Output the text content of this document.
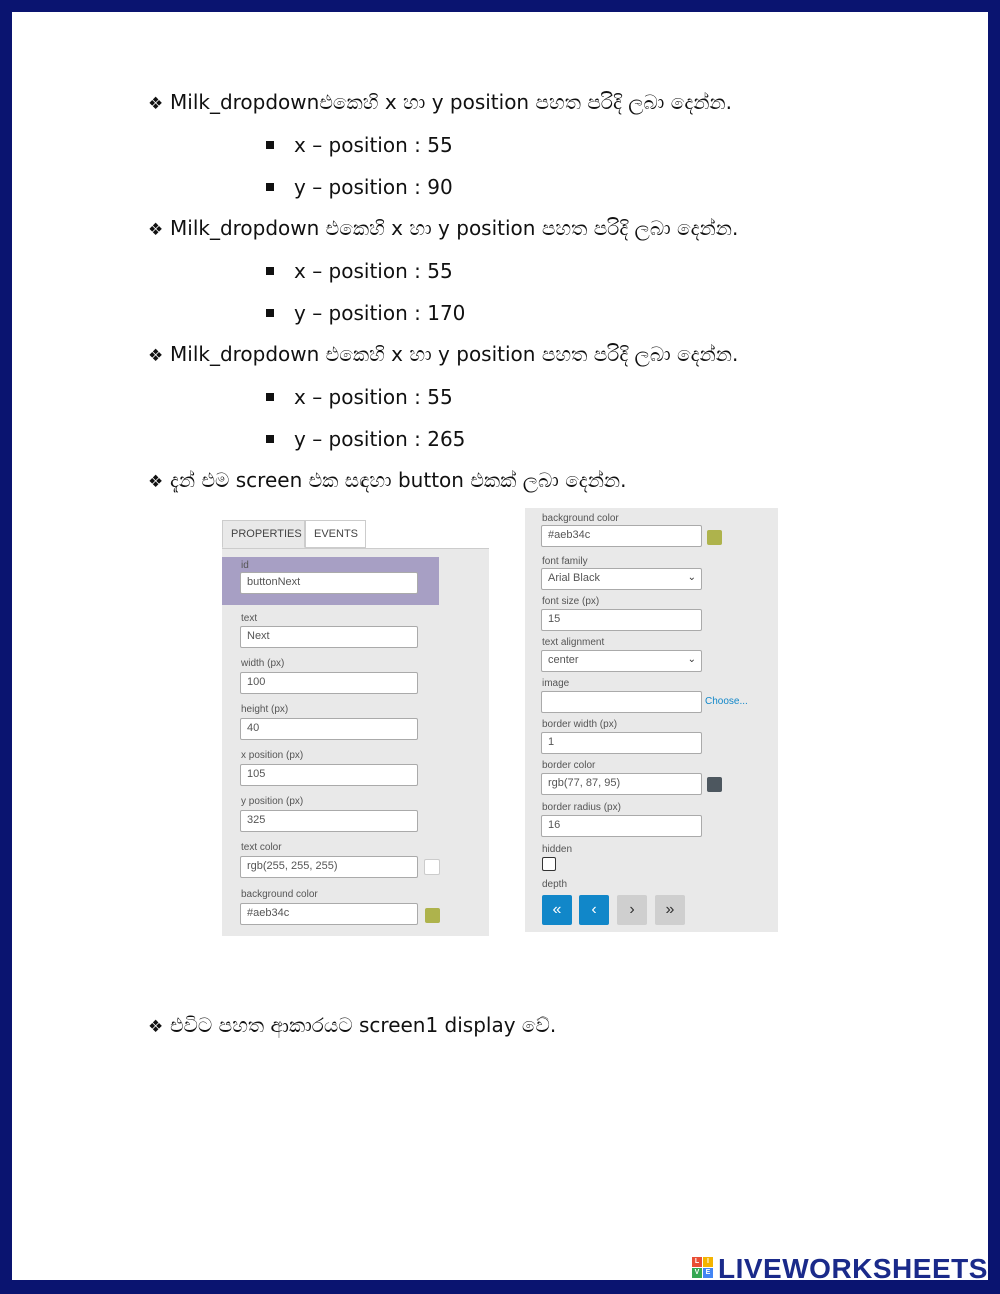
❖ Milk_dropdownඑකෙහි x හා y position පහත පරිදි ලබා දෙන්න.
x – position : 55
y – position : 90
❖ Milk_dropdown එකෙහි x හා y position පහත පරිදි ලබා දෙන්න.
x – position : 55
y – position : 170
❖ Milk_dropdown එකෙහි x හා y position පහත පරිදි ලබා දෙන්න.
x – position : 55
y – position : 265
❖ දැන් එම screen එක සඳහා button එකක් ලබා දෙන්න.
PROPERTIES	EVENTS
id
buttonNext
text
Next
width (px)
100
height (px)
40
x position (px)
105
y position (px)
325
text color
rgb(255, 255, 255)
background color
#aeb34c
background color
#aeb34c
font family
Arial Black	⌄
font size (px)
15
text alignment
center	⌄
image
Choose...
border width (px)
1
border color
rgb(77, 87, 95)
border radius (px)
16
hidden
depth
«	‹	›	»
❖ එවිට පහත ආකාරයට screen1 display වේ.
L	I
V E LIVEWORKSHEETS
